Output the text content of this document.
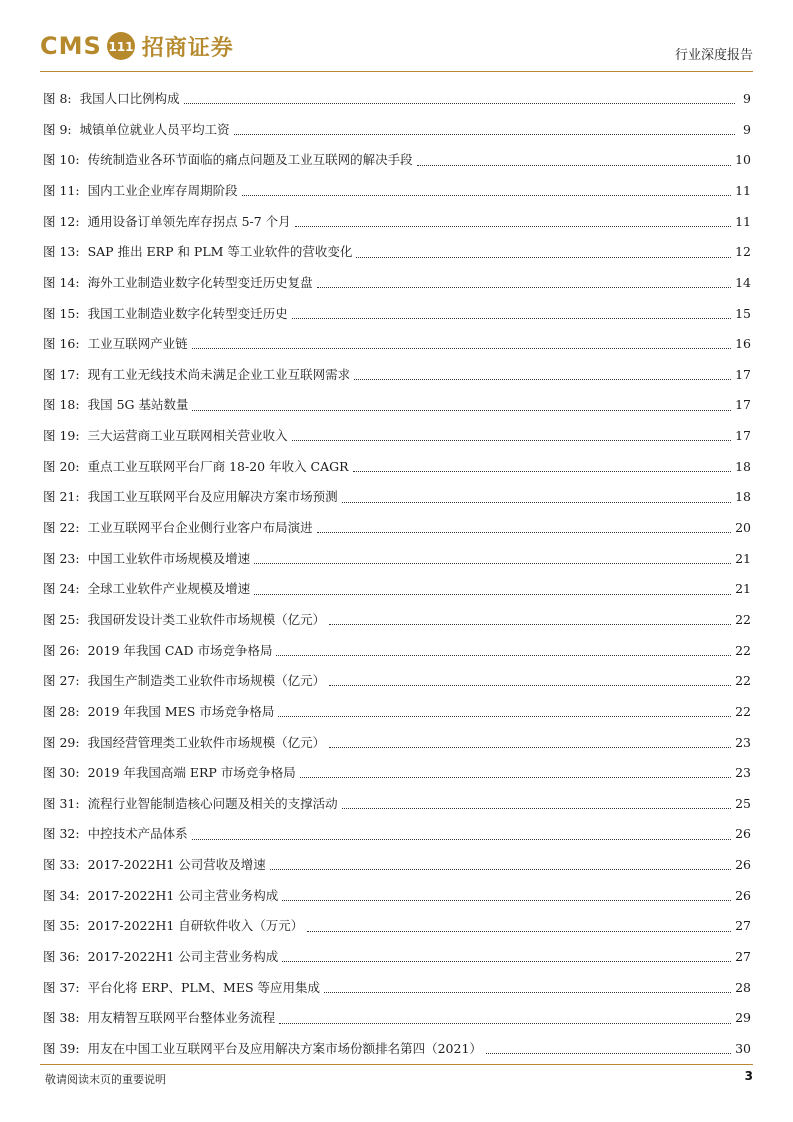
CMS 111 招商证券	行业深度报告
图 8: 我国人口比例构成	9
图 9: 城镇单位就业人员平均工资	9
图 10: 传统制造业各环节面临的痛点问题及工业互联网的解决手段	10
图 11: 国内工业企业库存周期阶段	11
图 12: 通用设备订单领先库存拐点 5-7 个月	11
图 13: SAP 推出 ERP 和 PLM 等工业软件的营收变化	12
图 14: 海外工业制造业数字化转型变迁历史复盘	14
图 15: 我国工业制造业数字化转型变迁历史	15
图 16: 工业互联网产业链	16
图 17: 现有工业无线技术尚未满足企业工业互联网需求	17
图 18: 我国 5G 基站数量	17
图 19: 三大运营商工业互联网相关营业收入	17
图 20: 重点工业互联网平台厂商 18-20 年收入 CAGR	18
图 21: 我国工业互联网平台及应用解决方案市场预测	18
图 22: 工业互联网平台企业侧行业客户布局演进	20
图 23: 中国工业软件市场规模及增速	21
图 24: 全球工业软件产业规模及增速	21
图 25: 我国研发设计类工业软件市场规模（亿元）	22
图 26: 2019 年我国 CAD 市场竞争格局	22
图 27: 我国生产制造类工业软件市场规模（亿元）	22
图 28: 2019 年我国 MES 市场竞争格局	22
图 29: 我国经营管理类工业软件市场规模（亿元）	23
图 30: 2019 年我国高端 ERP 市场竞争格局	23
图 31: 流程行业智能制造核心问题及相关的支撑活动	25
图 32: 中控技术产品体系	26
图 33: 2017-2022H1 公司营收及增速	26
图 34: 2017-2022H1 公司主营业务构成	26
图 35: 2017-2022H1 自研软件收入（万元）	27
图 36: 2017-2022H1 公司主营业务构成	27
图 37: 平台化将 ERP、PLM、MES 等应用集成	28
图 38: 用友精智互联网平台整体业务流程	29
图 39: 用友在中国工业互联网平台及应用解决方案市场份额排名第四（2021）	30
敬请阅读末页的重要说明	3
